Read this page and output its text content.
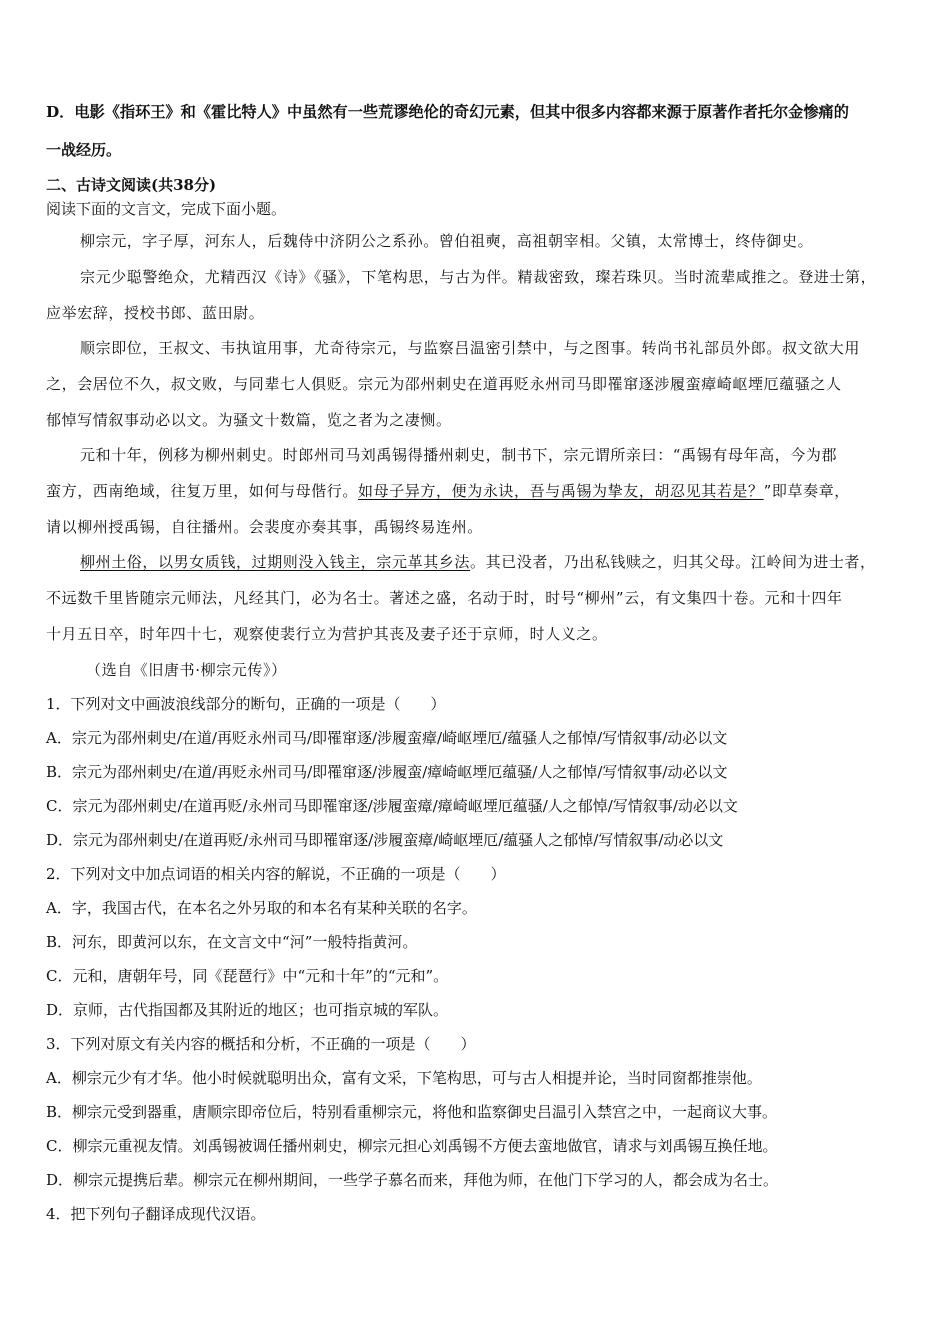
D．电影《指环王》和《霍比特人》中虽然有一些荒谬绝伦的奇幻元素，但其中很多内容都来源于原著作者托尔金惨痛的
一战经历。
二、古诗文阅读(共38分)
阅读下面的文言文，完成下面小题。
柳宗元，字子厚，河东人，后魏侍中济阴公之系孙。曾伯祖奭，高祖朝宰相。父镇，太常博士，终侍御史。
宗元少聪警绝众，尤精西汉《诗》《骚》，下笔构思，与古为伴。精裁密致，璨若珠贝。当时流辈咸推之。登进士第，
应举宏辞，授校书郎、蓝田尉。
顺宗即位，王叔文、韦执谊用事，尤奇待宗元，与监察吕温密引禁中，与之图事。转尚书礼部员外郎。叔文欲大用
之，会居位不久，叔文败，与同辈七人俱贬。宗元为邵州刺史在道再贬永州司马即罹窜逐涉履蛮瘴崎岖堙厄蕴骚之人
郁悼写情叙事动必以文。为骚文十数篇，览之者为之凄恻。
元和十年，例移为柳州刺史。时郎州司马刘禹锡得播州刺史，制书下，宗元谓所亲曰：“禹锡有母年高，今为郡
蛮方，西南绝域，往复万里，如何与母偕行。如母子异方，便为永诀，吾与禹锡为挚友，胡忍见其若是？”即草奏章，
请以柳州授禹锡，自往播州。会裴度亦奏其事，禹锡终易连州。
柳州土俗，以男女质钱，过期则没入钱主，宗元革其乡法。其已没者，乃出私钱赎之，归其父母。江岭间为进士者，
不远数千里皆随宗元师法，凡经其门，必为名士。著述之盛，名动于时，时号“柳州”云，有文集四十卷。元和十四年
十月五日卒，时年四十七，观察使裴行立为营护其丧及妻子还于京师，时人义之。
（选自《旧唐书·柳宗元传》）
1．下列对文中画波浪线部分的断句，正确的一项是（　　）
A．宗元为邵州刺史/在道/再贬永州司马/即罹窜逐/涉履蛮瘴/崎岖堙厄/蕴骚人之郁悼/写情叙事/动必以文
B．宗元为邵州刺史/在道/再贬永州司马/即罹窜逐/涉履蛮/瘴崎岖堙厄蕴骚/人之郁悼/写情叙事/动必以文
C．宗元为邵州刺史/在道再贬/永州司马即罹窜逐/涉履蛮瘴/瘴崎岖堙厄蕴骚/人之郁悼/写情叙事/动必以文
D．宗元为邵州刺史/在道再贬/永州司马即罹窜逐/涉履蛮瘴/崎岖堙厄/蕴骚人之郁悼/写情叙事/动必以文
2．下列对文中加点词语的相关内容的解说，不正确的一项是（　　）
A．字，我国古代，在本名之外另取的和本名有某种关联的名字。
B．河东，即黄河以东，在文言文中“河”一般特指黄河。
C．元和，唐朝年号，同《琵琶行》中“元和十年”的“元和”。
D．京师，古代指国都及其附近的地区；也可指京城的军队。
3．下列对原文有关内容的概括和分析，不正确的一项是（　　）
A．柳宗元少有才华。他小时候就聪明出众，富有文采，下笔构思，可与古人相提并论，当时同窗都推崇他。
B．柳宗元受到器重，唐顺宗即帝位后，特别看重柳宗元，将他和监察御史吕温引入禁宫之中，一起商议大事。
C．柳宗元重视友情。刘禹锡被调任播州刺史，柳宗元担心刘禹锡不方便去蛮地做官，请求与刘禹锡互换任地。
D．柳宗元提携后辈。柳宗元在柳州期间，一些学子慕名而来，拜他为师，在他门下学习的人，都会成为名士。
4．把下列句子翻译成现代汉语。
